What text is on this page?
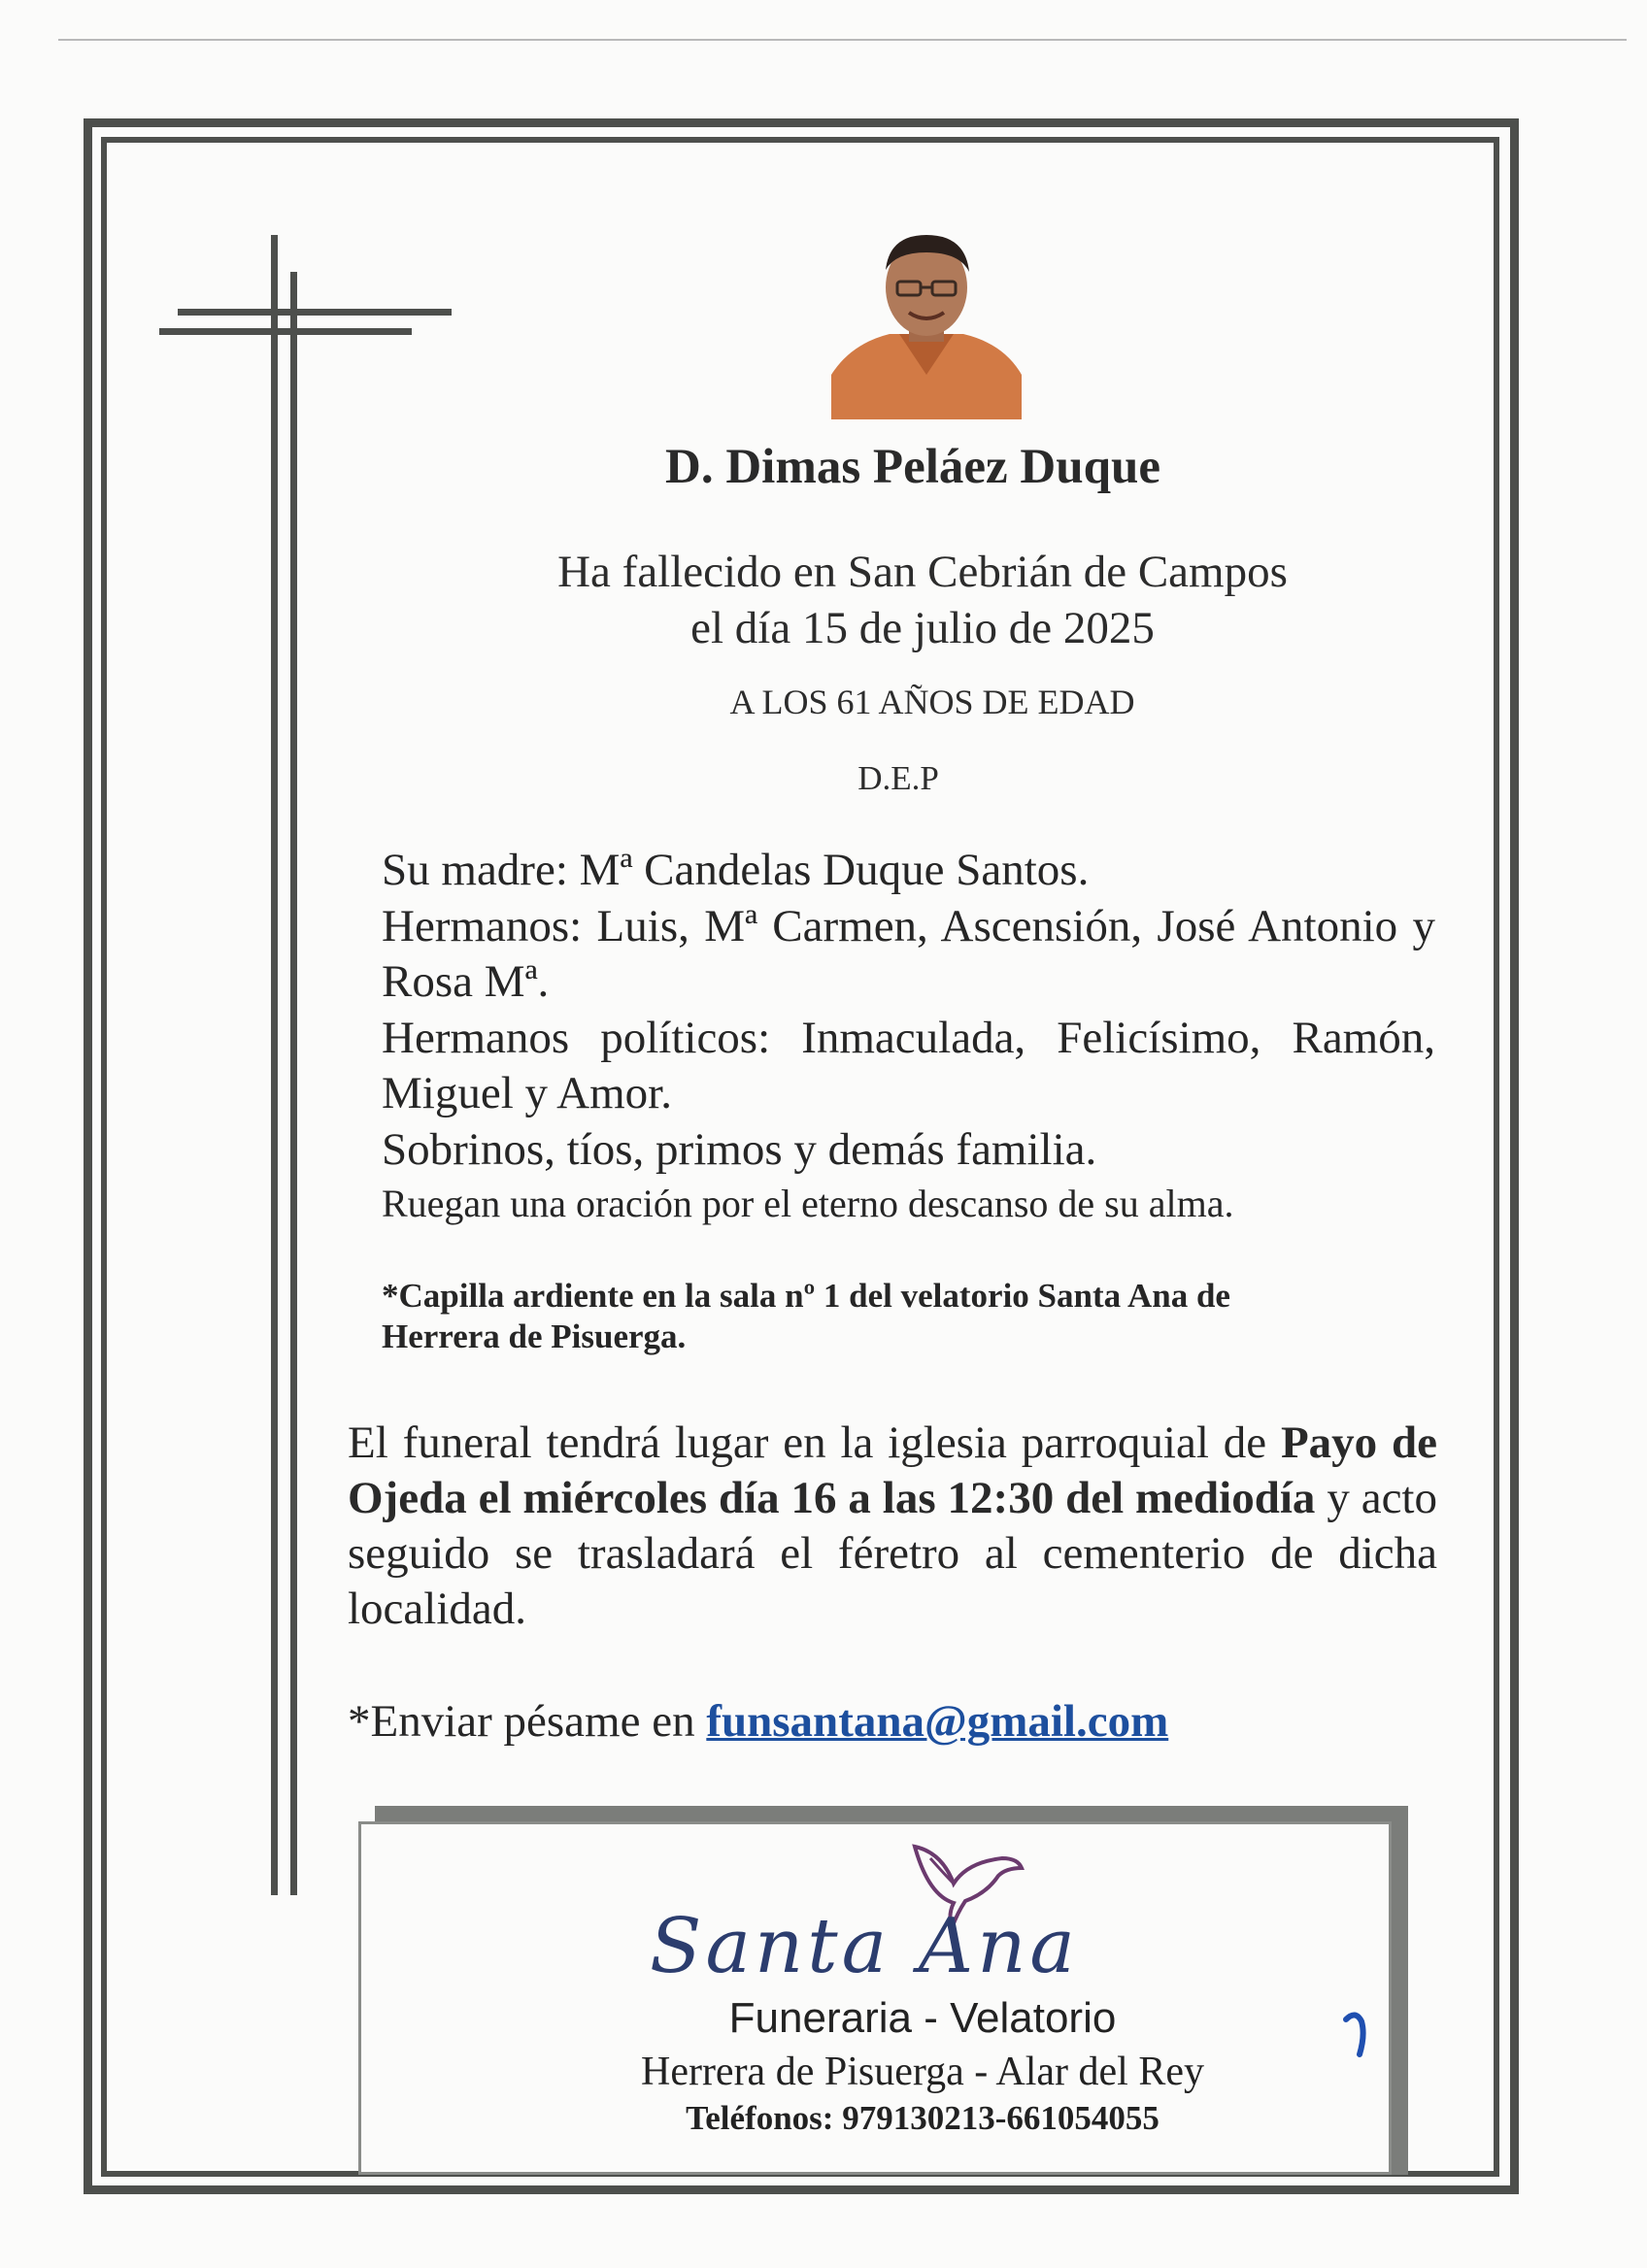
D. Dimas Peláez Duque
Ha fallecido en San Cebrián de Campos
el día 15 de julio de 2025
A LOS 61 AÑOS DE EDAD
D.E.P

Su madre: Mª Candelas Duque Santos.

Hermanos: Luis, Mª Carmen, Ascensión, José Antonio y Rosa Mª.

Hermanos políticos: Inmaculada, Felicísimo, Ramón, Miguel y Amor.

Sobrinos, tíos, primos y demás familia.

Ruegan una oración por el eterno descanso de su alma.

*Capilla ardiente en la sala nº 1 del velatorio Santa Ana de
Herrera de Pisuerga.
El funeral tendrá lugar en la iglesia parroquial de Payo de Ojeda el miércoles día 16 a las 12:30 del mediodía y acto seguido se trasladará el féretro al cementerio de dicha localidad.
*Enviar pésame en funsantana@gmail.com
Santa Ana
Funeraria - Velatorio
Herrera de Pisuerga - Alar del Rey
Teléfonos: 979130213-661054055
